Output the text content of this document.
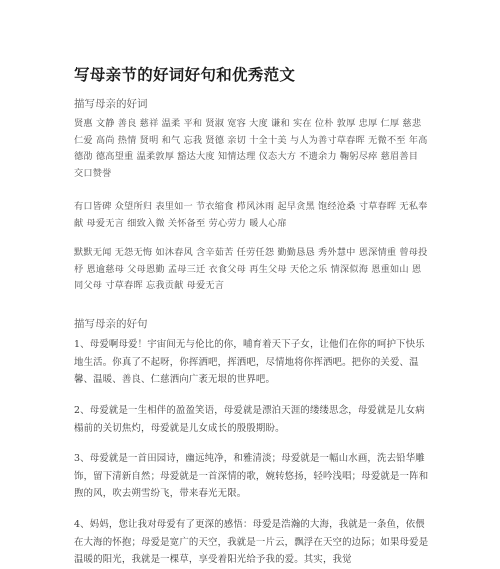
写母亲节的好词好句和优秀范文
描写母亲的好词
贤惠 文静 善良 慈祥 温柔 平和 贤淑 宽容 大度 谦和 实在 位朴 敦厚 忠厚 仁厚 慈悲 仁爱 高尚 热情 贤明 和气 忘我 贤德 亲切 十全十美 与人为善寸草春晖 无微不至 年高德劭 德高望重 温柔敦厚 豁达大度 知情达理 仪态大方 不遗余力 鞠躬尽瘁 慈眉善目 交口赞誉
有口皆碑 众望所归 表里如一 节衣缩食 栉风沐雨 起早贪黑 饱经沧桑 寸草春晖 无私奉献 母爱无言 细致入微 关怀备至 劳心劳力 暖人心扉
默默无闻 无怨无悔 如沐春风 含辛茹苦 任劳任怨 勤勤恳恳 秀外慧中 恩深情重 曾母投杼 恩逾慈母 父母恩勤 孟母三迁 衣食父母 再生父母 天伦之乐 情深似海 恩重如山 恩同父母 寸草春晖 忘我贡献 母爱无言
描写母亲的好句
1、母爱啊母爱！宇宙间无与伦比的你，哺育着天下子女，让他们在你的呵护下快乐地生活。你真了不起呀，你挥洒吧，挥洒吧，尽情地将你挥洒吧。把你的关爱、温馨、温暖、善良、仁慈洒向广袤无垠的世界吧。
2、母爱就是一生相伴的盈盈笑语，母爱就是漂泊天涯的缕缕思念，母爱就是儿女病榻前的关切焦灼，母爱就是儿女成长的殷殷期盼。
3、母爱就是一首田园诗，幽远纯净，和雅清淡；母爱就是一幅山水画，洗去铅华雕饰，留下清新自然；母爱就是一首深情的歌，婉转悠扬，轻吟浅唱；母爱就是一阵和煦的风，吹去朔雪纷飞，带来春光无限。
4、妈妈，您让我对母爱有了更深的感悟：母爱是浩瀚的大海，我就是一条鱼，依偎在大海的怀抱；母爱是宽广的天空，我就是一片云，飘浮在天空的边际；如果母爱是温暖的阳光，我就是一棵草，享受着阳光给予我的爱。其实，我觉
